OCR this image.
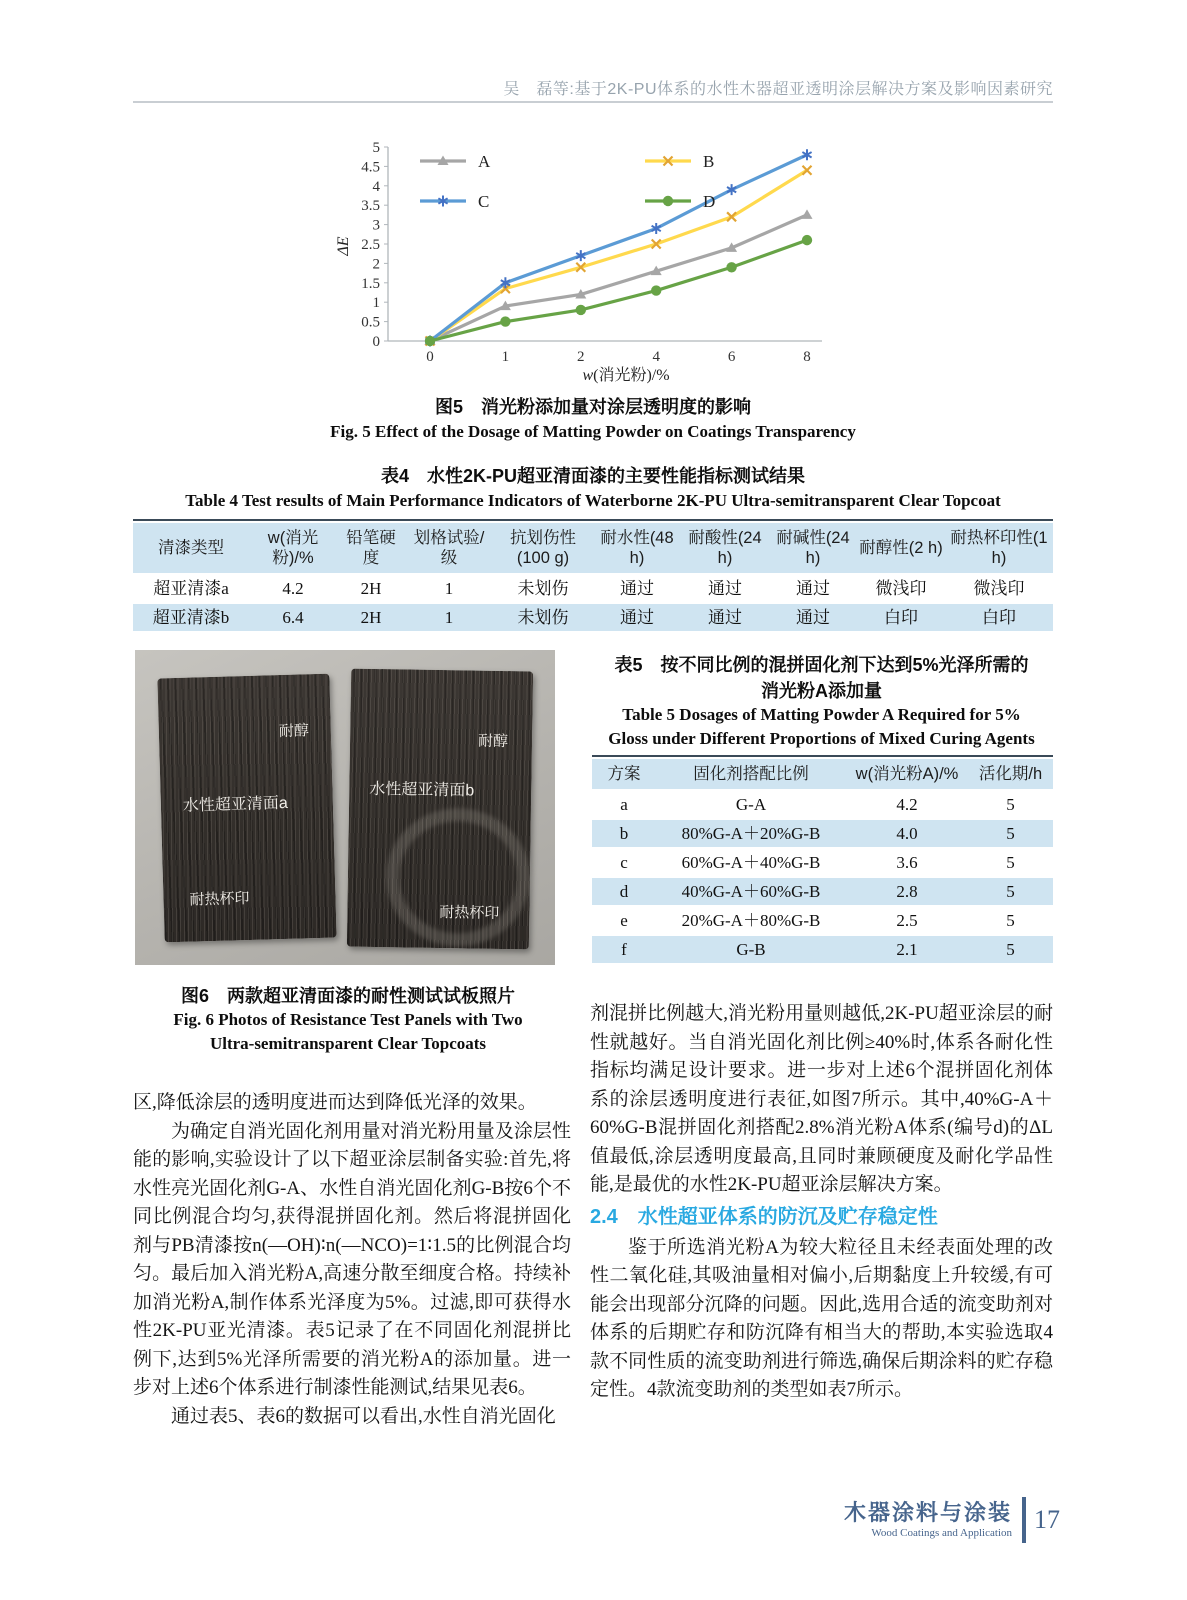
吴　磊等:基于2K-PU体系的水性木器超亚透明涂层解决方案及影响因素研究
0
0.5
1
1.5
2
2.5
3
3.5
4
4.5
5
0	1	2	4	6	8
A	B
C	D
ΔE
w(消光粉)/%
图5　消光粉添加量对涂层透明度的影响
Fig. 5 Effect of the Dosage of Matting Powder on Coatings Transparency
表4　水性2K-PU超亚清面漆的主要性能指标测试结果
Table 4 Test results of Main Performance Indicators of Waterborne 2K-PU Ultra-semitransparent Clear Topcoat
清漆类型	w(消光粉)/%	铅笔硬度	划格试验/级	抗划伤性(100 g)	耐水性(48 h)	耐酸性(24 h)	耐碱性(24 h)	耐醇性(2 h)	耐热杯印性(1 h)
超亚清漆a	4.2	2H	1	未划伤	通过	通过	通过	微浅印	微浅印
超亚清漆b	6.4	2H	1	未划伤	通过	通过	通过	白印	白印
耐醇
水性超亚清面a
耐热杯印
耐醇
水性超亚清面b
耐热杯印
图6　两款超亚清面漆的耐性测试试板照片
Fig. 6 Photos of Resistance Test Panels with Two
Ultra-semitransparent Clear Topcoats
表5　按不同比例的混拼固化剂下达到5%光泽所需的
消光粉A添加量
Table 5 Dosages of Matting Powder A Required for 5%
Gloss under Different Proportions of Mixed Curing Agents
方案	固化剂搭配比例	w(消光粉A)/%	活化期/h
a	G-A	4.2	5
b	80%G-A＋20%G-B	4.0	5
c	60%G-A＋40%G-B	3.6	5
d	40%G-A＋60%G-B	2.8	5
e	20%G-A＋80%G-B	2.5	5
f	G-B	2.1	5

区,降低涂层的透明度进而达到降低光泽的效果。

为确定自消光固化剂用量对消光粉用量及涂层性能的影响,实验设计了以下超亚涂层制备实验:首先,将水性亮光固化剂G-A、水性自消光固化剂G-B按6个不同比例混合均匀,获得混拼固化剂。然后将混拼固化剂与PB清漆按n(—OH)∶n(—NCO)=1∶1.5的比例混合均匀。最后加入消光粉A,高速分散至细度合格。持续补加消光粉A,制作体系光泽度为5%。过滤,即可获得水性2K-PU亚光清漆。表5记录了在不同固化剂混拼比例下,达到5%光泽所需要的消光粉A的添加量。进一步对上述6个体系进行制漆性能测试,结果见表6。

通过表5、表6的数据可以看出,水性自消光固化

剂混拼比例越大,消光粉用量则越低,2K-PU超亚涂层的耐性就越好。当自消光固化剂比例≥40%时,体系各耐化性指标均满足设计要求。进一步对上述6个混拼固化剂体系的涂层透明度进行表征,如图7所示。其中,40%G-A＋60%G-B混拼固化剂搭配2.8%消光粉A体系(编号d)的ΔL值最低,涂层透明度最高,且同时兼顾硬度及耐化学品性能,是最优的水性2K-PU超亚涂层解决方案。

2.4　水性超亚体系的防沉及贮存稳定性

鉴于所选消光粉A为较大粒径且未经表面处理的改性二氧化硅,其吸油量相对偏小,后期黏度上升较缓,有可能会出现部分沉降的问题。因此,选用合适的流变助剂对体系的后期贮存和防沉降有相当大的帮助,本实验选取4款不同性质的流变助剂进行筛选,确保后期涂料的贮存稳定性。4款流变助剂的类型如表7所示。

木器涂料与涂装
Wood Coatings and Application 17
